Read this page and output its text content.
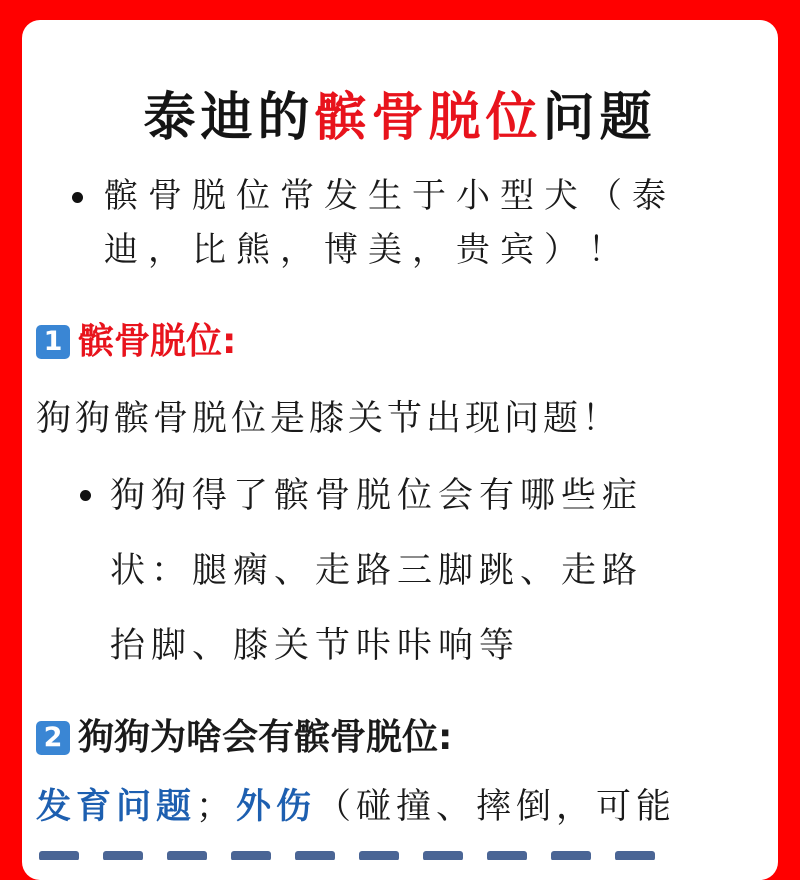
泰迪的髌骨脱位问题
髌骨脱位常发生于小型犬（泰
迪，比熊，博美，贵宾）！
1 髌骨脱位:
狗狗髌骨脱位是膝关节出现问题！
狗狗得了髌骨脱位会有哪些症
状：腿瘸、走路三脚跳、走路
抬脚、膝关节咔咔响等
2 狗狗为啥会有髌骨脱位:
发育问题；外伤（碰撞、摔倒，可能
